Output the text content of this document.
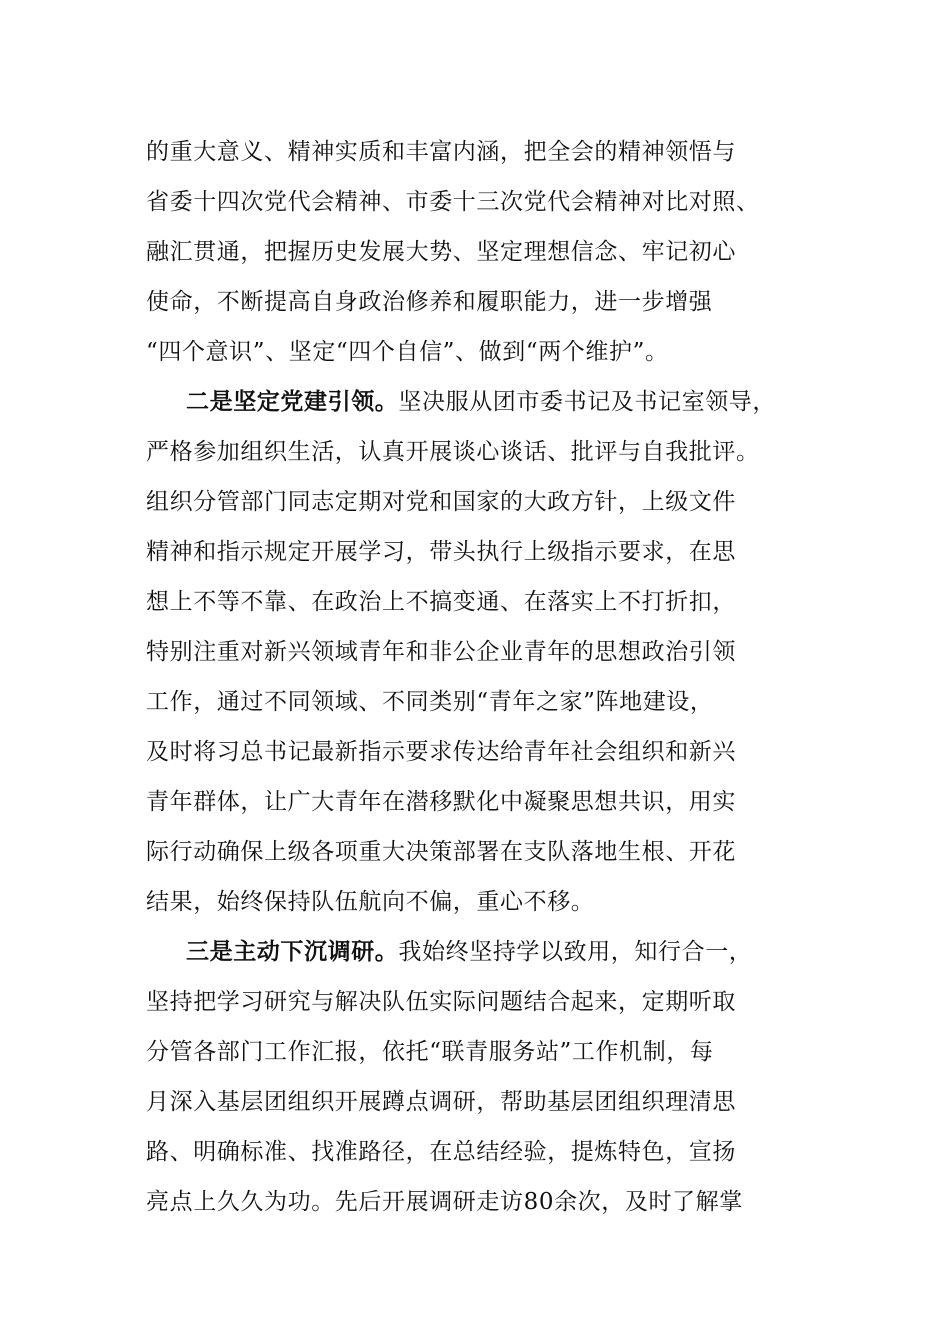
的重大意义、精神实质和丰富内涵，把全会的精神领悟与
省委十四次党代会精神、市委十三次党代会精神对比对照、
融汇贯通，把握历史发展大势、坚定理想信念、牢记初心
使命，不断提高自身政治修养和履职能力，进一步增强
“四个意识”、坚定“四个自信”、做到“两个维护”。
二是坚定党建引领。坚决服从团市委书记及书记室领导，
严格参加组织生活，认真开展谈心谈话、批评与自我批评。
组织分管部门同志定期对党和国家的大政方针，上级文件
精神和指示规定开展学习，带头执行上级指示要求，在思
想上不等不靠、在政治上不搞变通、在落实上不打折扣，
特别注重对新兴领域青年和非公企业青年的思想政治引领
工作，通过不同领域、不同类别“青年之家”阵地建设，
及时将习总书记最新指示要求传达给青年社会组织和新兴
青年群体，让广大青年在潜移默化中凝聚思想共识，用实
际行动确保上级各项重大决策部署在支队落地生根、开花
结果，始终保持队伍航向不偏，重心不移。
三是主动下沉调研。我始终坚持学以致用，知行合一，
坚持把学习研究与解决队伍实际问题结合起来，定期听取
分管各部门工作汇报，依托“联青服务站”工作机制，每
月深入基层团组织开展蹲点调研，帮助基层团组织理清思
路、明确标准、找准路径，在总结经验，提炼特色，宣扬
亮点上久久为功。先后开展调研走访80余次，及时了解掌
